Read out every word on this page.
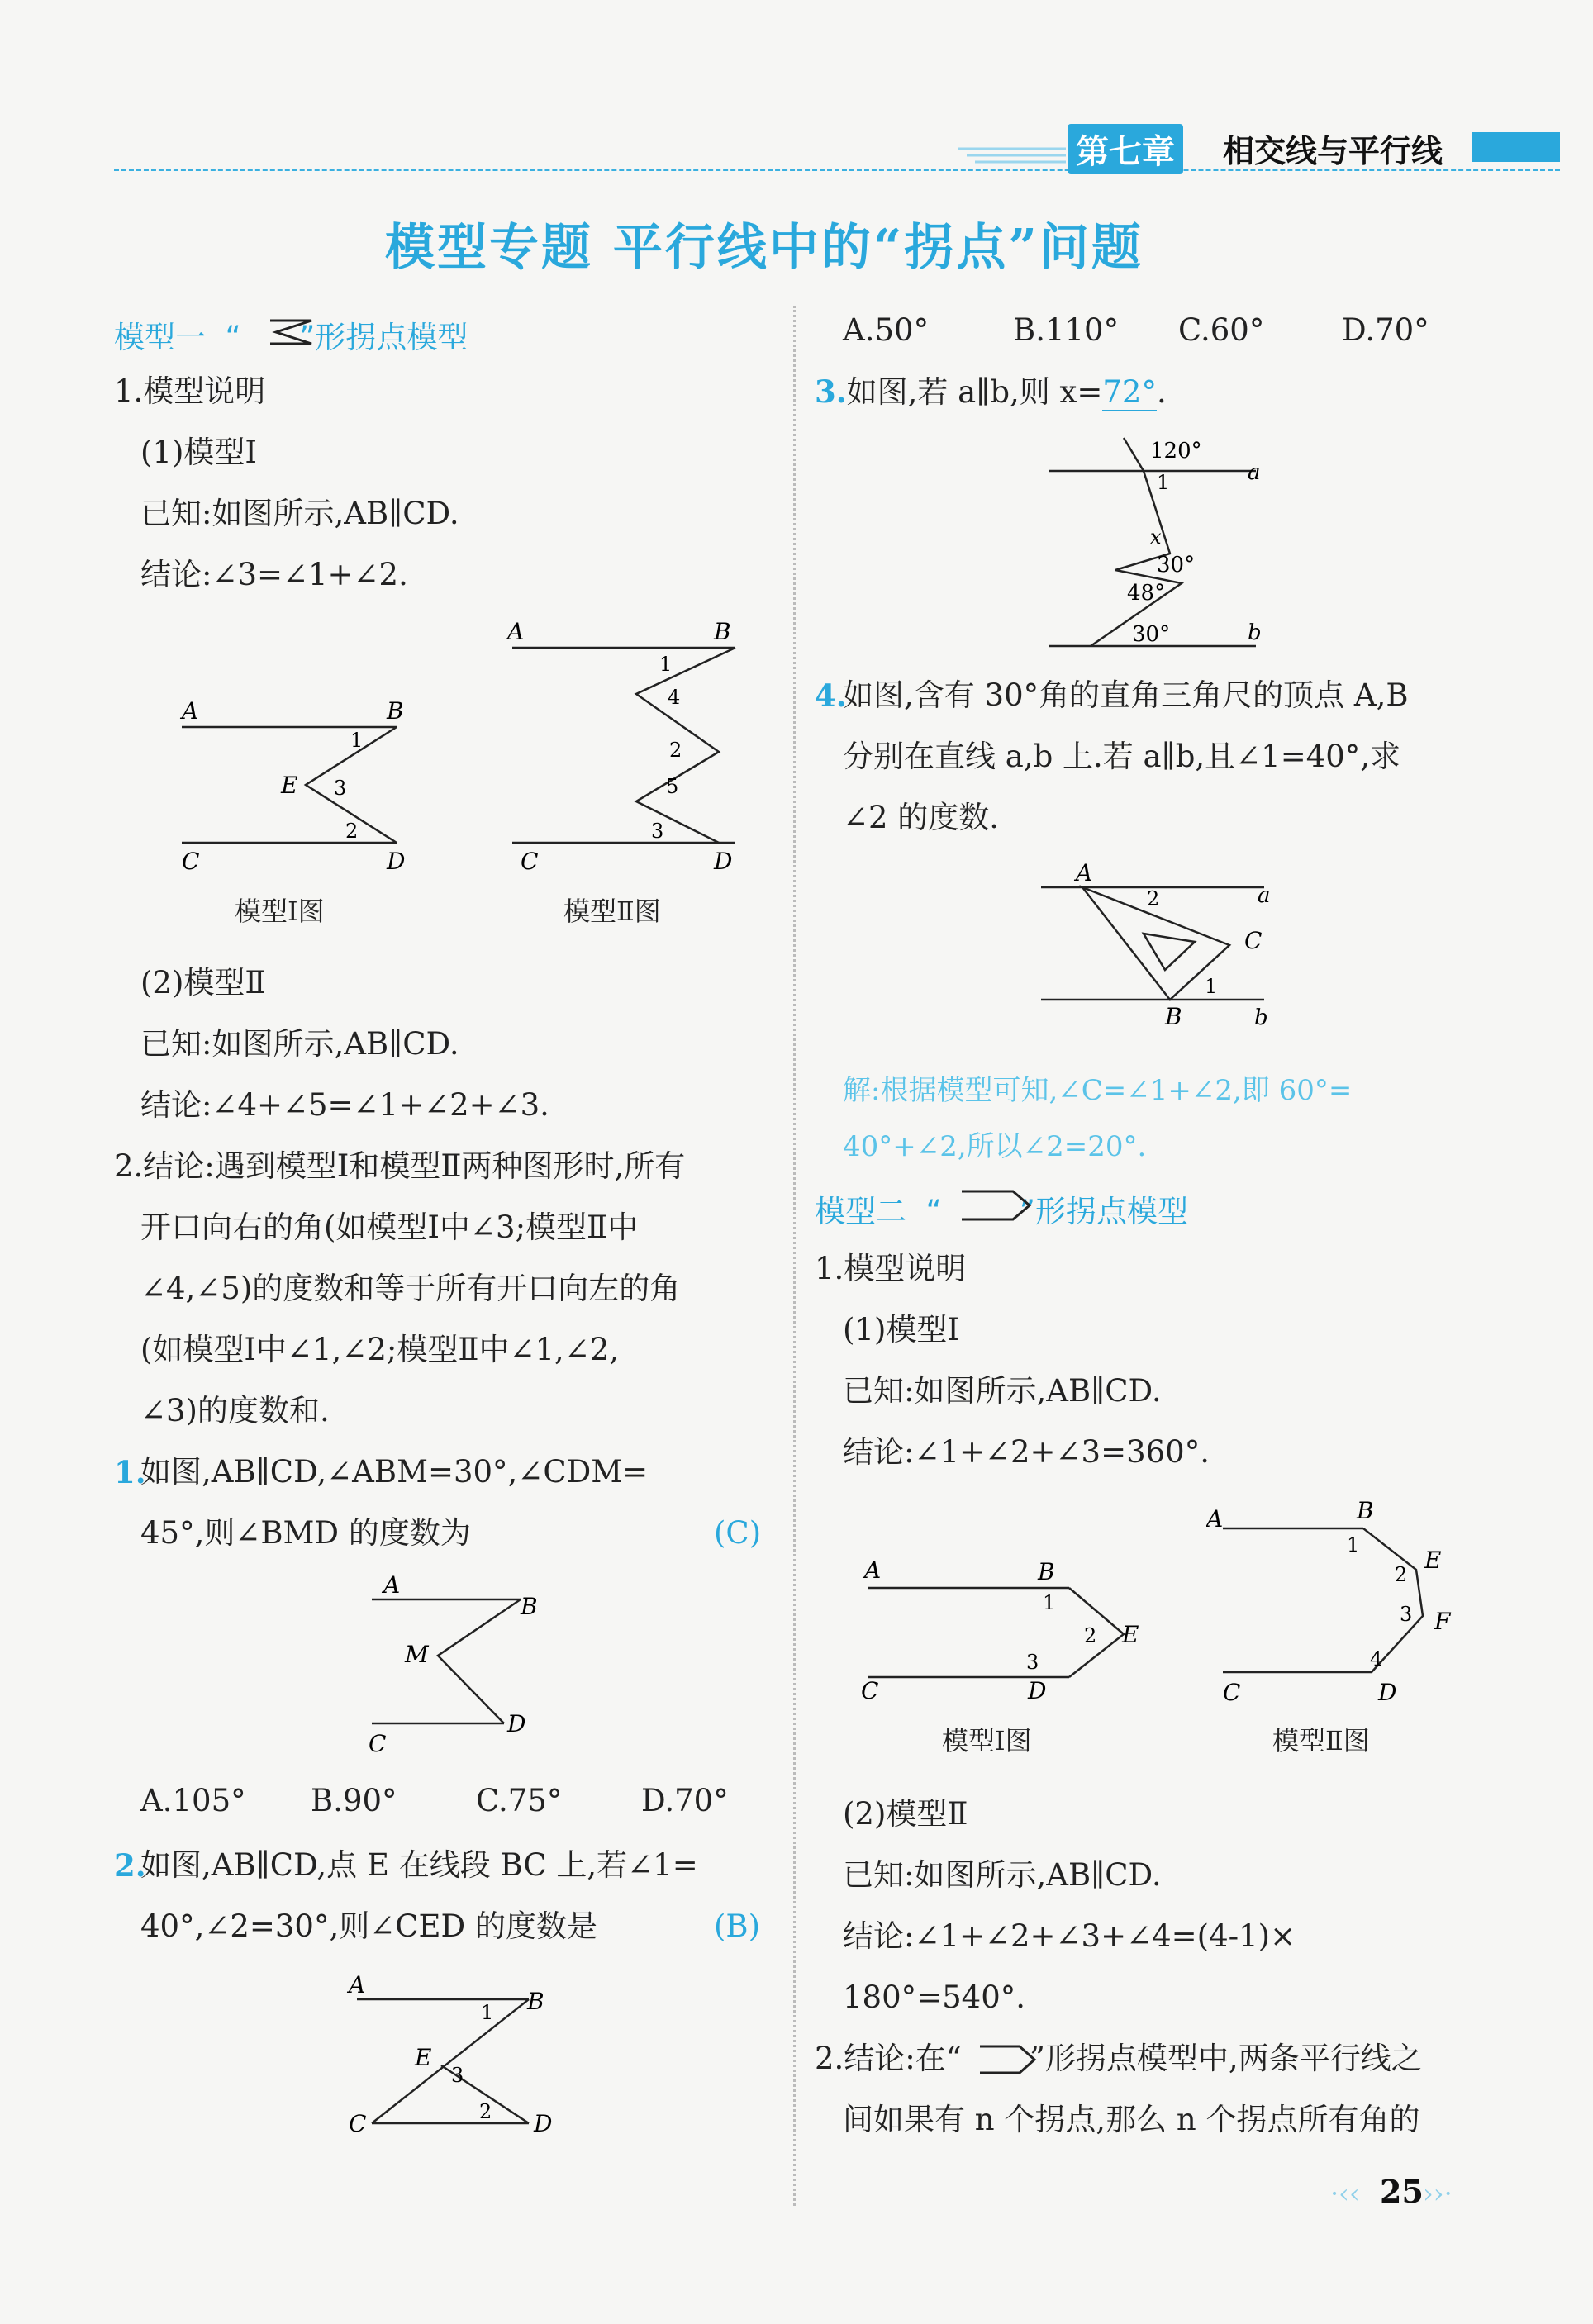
第七章 相交线与平行线
模型专题 平行线中的“拐点”问题
模型一  “      ”形拐点模型
1.模型说明
(1)模型Ⅰ
已知:如图所示,AB∥CD.
结论:∠3=∠1+∠2.
A	B
C	D
E
1
3
2
模型Ⅰ图
A	B
C	D
1
4
2
5
3
模型Ⅱ图
(2)模型Ⅱ
已知:如图所示,AB∥CD.
结论:∠4+∠5=∠1+∠2+∠3.
2.结论:遇到模型Ⅰ和模型Ⅱ两种图形时,所有
开口向右的角(如模型Ⅰ中∠3;模型Ⅱ中
∠4,∠5)的度数和等于所有开口向左的角
(如模型Ⅰ中∠1,∠2;模型Ⅱ中∠1,∠2,
∠3)的度数和.
1.
如图,AB∥CD,∠ABM=30°,∠CDM=
45°,则∠BMD 的度数为	(C)
A
B
M
C
D
A.105° B.90°	C.75°	D.70°
2.
如图,AB∥CD,点 E 在线段 BC 上,若∠1=
40°,∠2=30°,则∠CED 的度数是	(B)
A
B
E
C	D
1
3
2
A.50°	B.110° C.60°	D.70°
3.如图,若 a∥b,则 x=72°.
120°
1	a
x
30°
48°
30°	b
4.
如图,含有 30°角的直角三角尺的顶点 A,B
分别在直线 a,b 上.若 a∥b,且∠1=40°,求
∠2 的度数.
A
2	a
C
1
B	b
解:根据模型可知,∠C=∠1+∠2,即 60°=
40°+∠2,所以∠2=20°.
模型二  “        ”形拐点模型
1.模型说明
(1)模型Ⅰ
已知:如图所示,AB∥CD.
结论:∠1+∠2+∠3=360°.
A	B
1
2 E
3
C	D
模型Ⅰ图
A	B
1
2
E
3 F
4
C	D
模型Ⅱ图
(2)模型Ⅱ
已知:如图所示,AB∥CD.
结论:∠1+∠2+∠3+∠4=(4-1)×
180°=540°.
2.结论:在“       ”形拐点模型中,两条平行线之
间如果有 n 个拐点,那么 n 个拐点所有角的
·‹‹ 25 ››·
